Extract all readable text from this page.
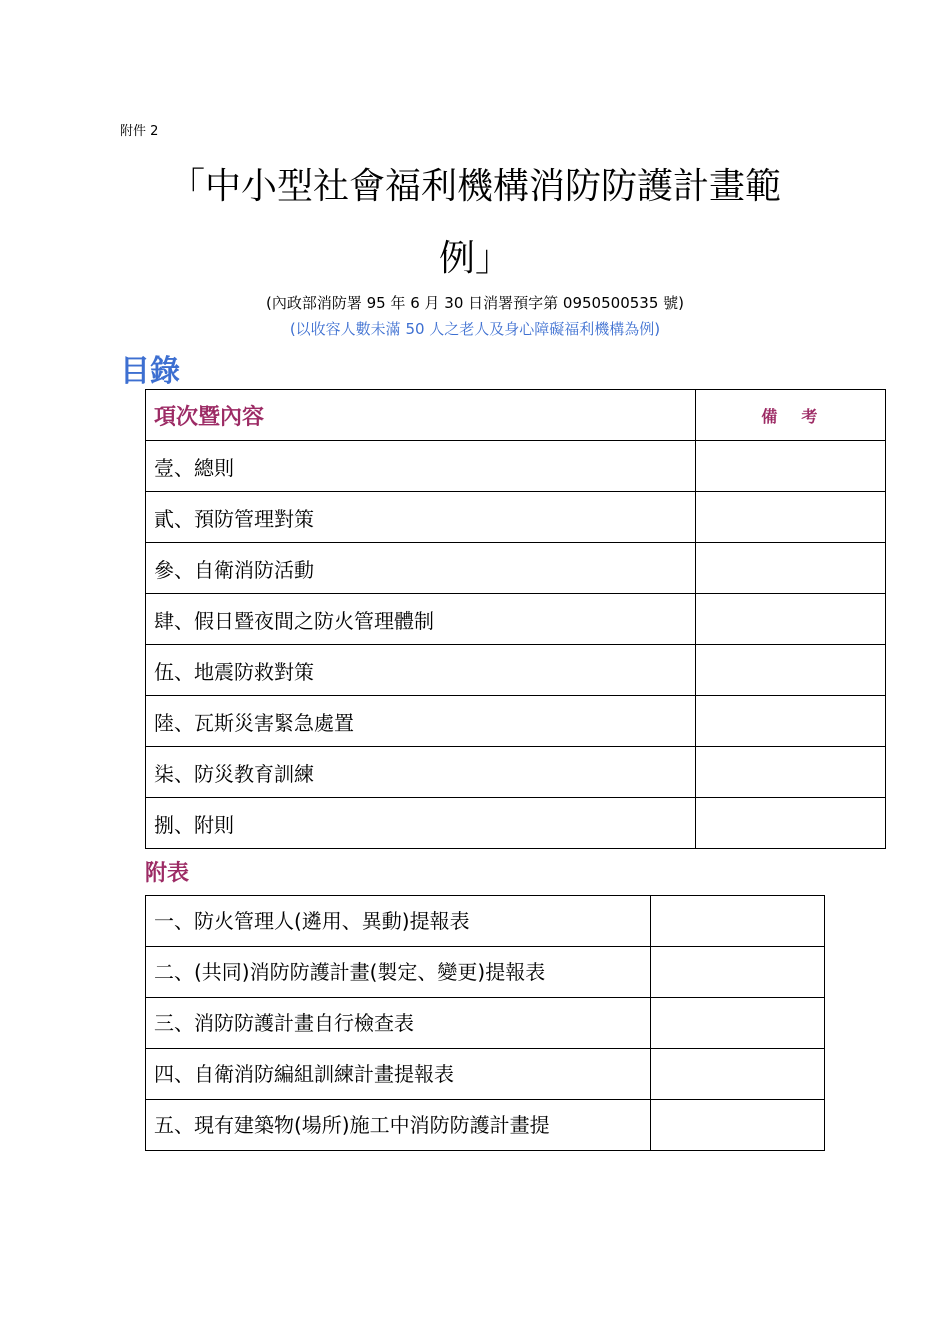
附件 2
「中小型社會福利機構消防防護計畫範
例」
(內政部消防署 95 年 6 月 30 日消署預字第 0950500535 號)
(以收容人數未滿 50 人之老人及身心障礙福利機構為例)
目錄
項次暨內容	備 考
壹、總則	
貳、預防管理對策	
參、自衛消防活動	
肆、假日暨夜間之防火管理體制	
伍、地震防救對策	
陸、瓦斯災害緊急處置	
柒、防災教育訓練	
捌、附則	
附表
一、防火管理人(遴用、異動)提報表	
二、(共同)消防防護計畫(製定、變更)提報表	
三、消防防護計畫自行檢查表	
四、自衛消防編組訓練計畫提報表	
五、現有建築物(場所)施工中消防防護計畫提	
